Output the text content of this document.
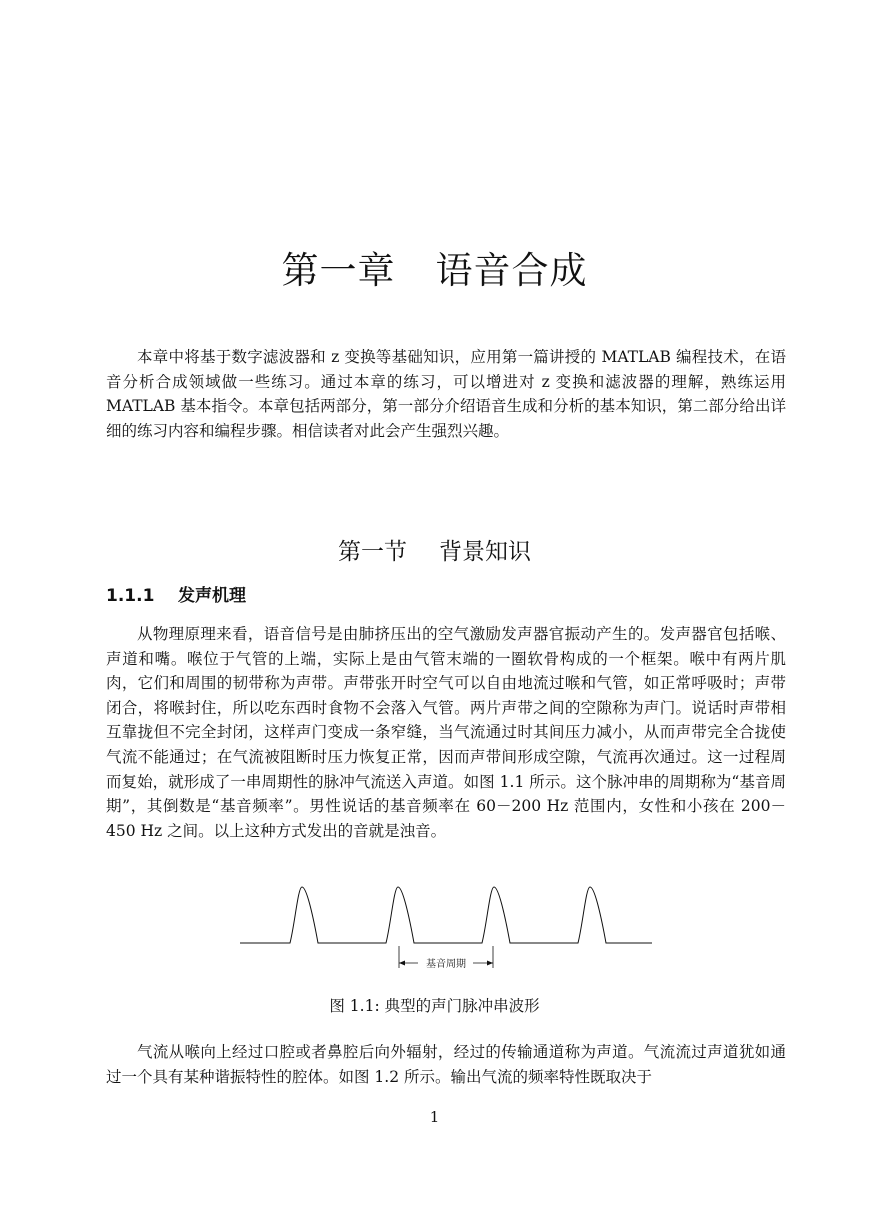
第一章 语音合成

本章中将基于数字滤波器和 z 变换等基础知识，应用第一篇讲授的 MATLAB 编程技术，在语音分析合成领域做一些练习。通过本章的练习，可以增进对 z 变换和滤波器的理解，熟练运用 MATLAB 基本指令。本章包括两部分，第一部分介绍语音生成和分析的基本知识，第二部分给出详细的练习内容和编程步骤。相信读者对此会产生强烈兴趣。

第一节 背景知识
1.1.1 发声机理

从物理原理来看，语音信号是由肺挤压出的空气激励发声器官振动产生的。发声器官包括喉、声道和嘴。喉位于气管的上端，实际上是由气管末端的一圈软骨构成的一个框架。喉中有两片肌肉，它们和周围的韧带称为声带。声带张开时空气可以自由地流过喉和气管，如正常呼吸时；声带闭合，将喉封住，所以吃东西时食物不会落入气管。两片声带之间的空隙称为声门。说话时声带相互靠拢但不完全封闭，这样声门变成一条窄缝，当气流通过时其间压力减小，从而声带完全合拢使气流不能通过；在气流被阻断时压力恢复正常，因而声带间形成空隙，气流再次通过。这一过程周而复始，就形成了一串周期性的脉冲气流送入声道。如图 1.1 所示。这个脉冲串的周期称为“基音周期”，其倒数是“基音频率”。男性说话的基音频率在 60－200 Hz 范围内，女性和小孩在 200－450 Hz 之间。以上这种方式发出的音就是浊音。

基音周期

图 1.1: 典型的声门脉冲串波形

气流从喉向上经过口腔或者鼻腔后向外辐射，经过的传输通道称为声道。气流流过声道犹如通过一个具有某种谐振特性的腔体。如图 1.2 所示。输出气流的频率特性既取决于

1
